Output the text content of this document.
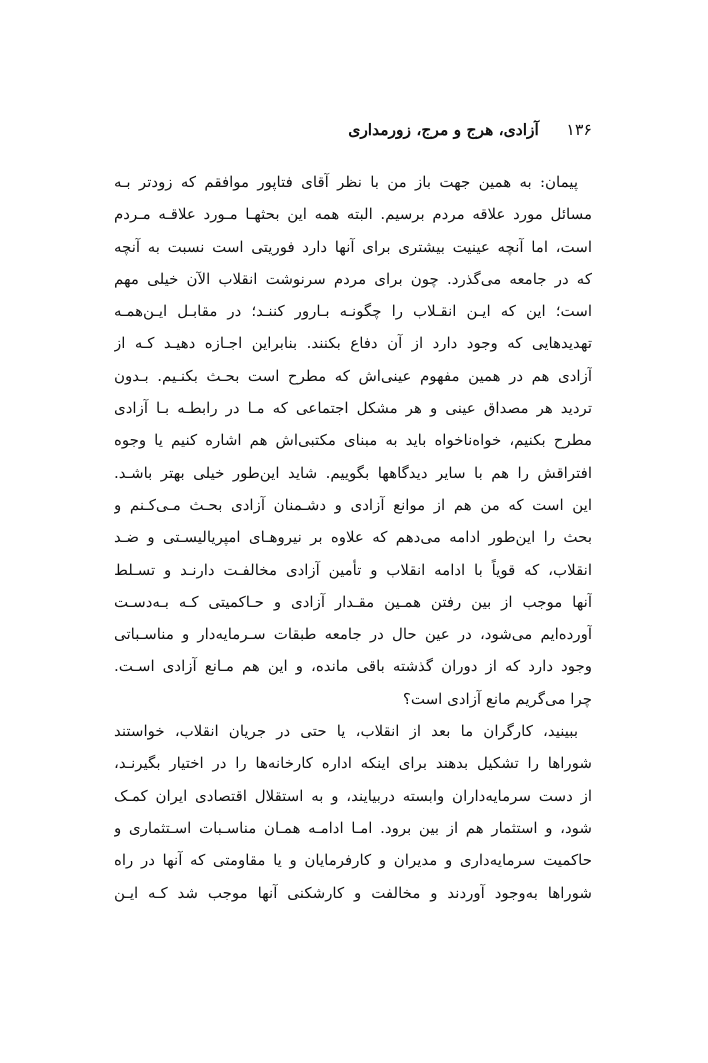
۱۳۶ آزادی، هرج و مرج، زورمداری
پیمان: به همین جهت باز من با نظر آقای فتاپور موافقم که زودتر بـه
مسائل مورد علاقه مردم برسیم. البته همه این بحثهـا مـورد علاقـه مـردم
است، اما آنچه عینیت بیشتری برای آنها دارد فوریتی است نسبت به آنچه
که در جامعه می‌گذرد. چون برای مردم سرنوشت انقلاب الآن خیلی مهم
است؛ این که ایـن انقـلاب را چگونـه بـارور کننـد؛ در مقابـل ایـن‌همـه
تهدیدهایی که وجود دارد از آن دفاع بکنند. بنابراین اجـازه دهیـد کـه از
آزادی هم در همین مفهوم عینی‌اش که مطرح است بحـث بکنـیم. بـدون
تردید هر مصداق عینی و هر مشکل اجتماعی که مـا در رابطـه بـا آزادی
مطرح بکنیم، خواه‌ناخواه باید به مبنای مکتبی‌اش هم اشاره کنیم یا وجوه
افتراقش را هم با سایر دیدگاهها بگوییم. شاید این‌طور خیلی بهتر باشـد.
این است که من هم از موانع آزادی و دشـمنان آزادی بحـث مـی‌کـنم و
بحث را این‌طور ادامه می‌دهم که علاوه بر نیروهـای امپریالیسـتی و ضـد
انقلاب، که قویاً با ادامه انقلاب و تأمین آزادی مخالفـت دارنـد و تسـلط
آنها موجب از بین رفتن همـین مقـدار آزادی و حـاکمیتی کـه بـه‌دسـت
آورده‌ایم می‌شود، در عین حال در جامعه طبقات سـرمایه‌دار و مناسـباتی
وجود دارد که از دوران گذشته باقی مانده، و این هم مـانع آزادی اسـت.
چرا می‌گریم مانع آزادی است؟
ببینید، کارگران ما بعد از انقلاب، یا حتی در جریان انقلاب، خواستند
شوراها را تشکیل بدهند برای اینکه اداره کارخانه‌ها را در اختیار بگیرنـد،
از دست سرمایه‌داران وابسته دربیایند، و به استقلال اقتصادی ایران کمـک
شود، و استثمار هم از بین برود. امـا ادامـه همـان مناسـبات اسـتثماری و
حاکمیت سرمایه‌داری و مدیران و کارفرمایان و یا مقاومتی که آنها در راه
شوراها به‌وجود آوردند و مخالفت و کارشکنی آنها موجب شد کـه ایـن
